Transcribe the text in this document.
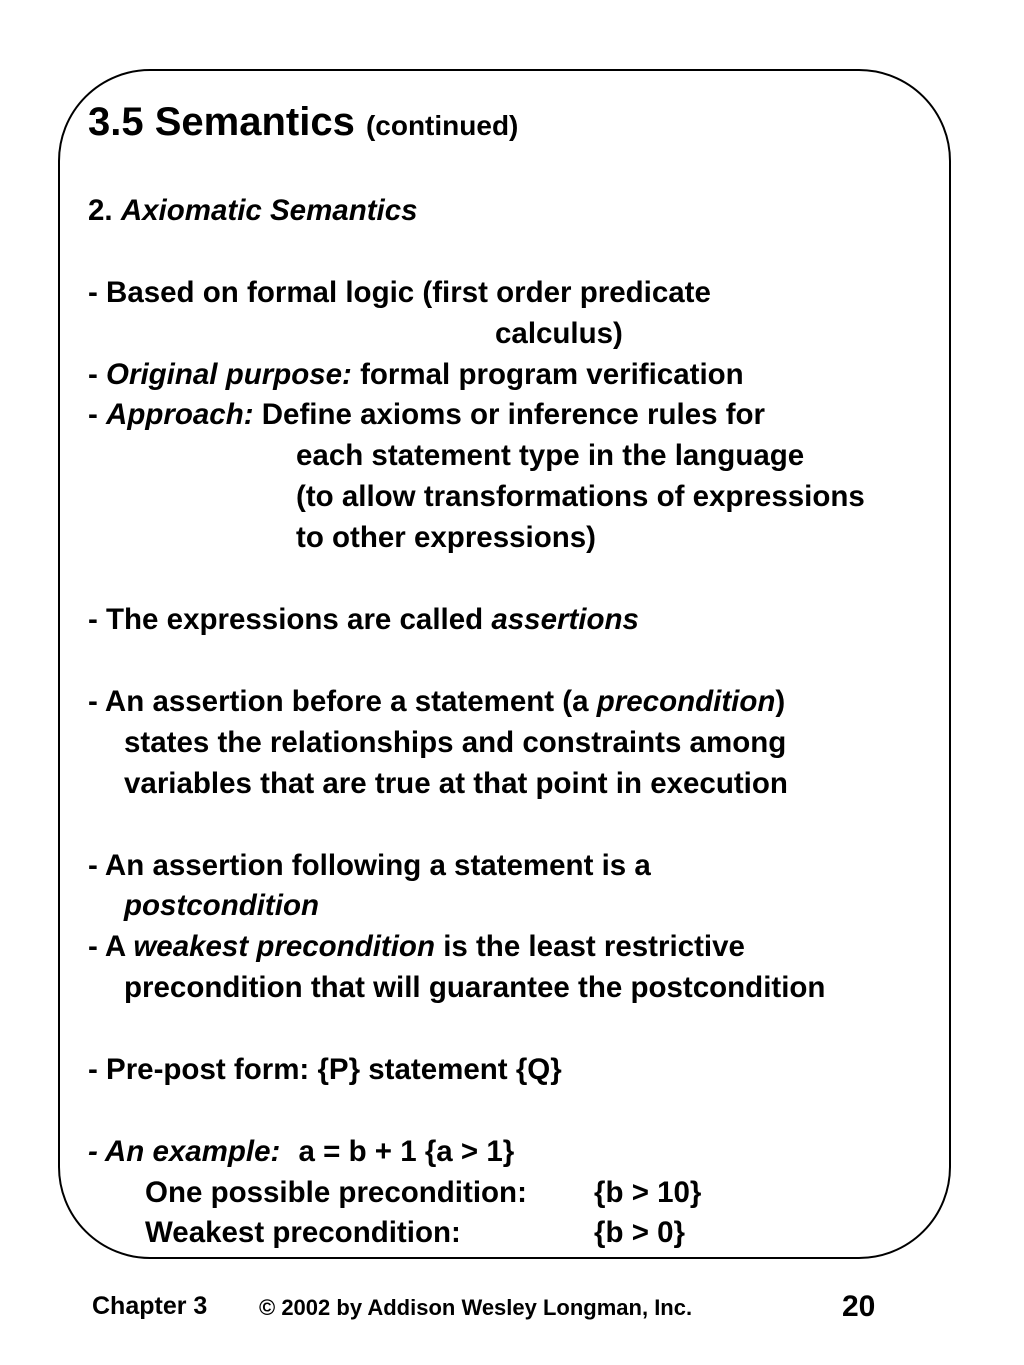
3.5 Semantics (continued)
2. Axiomatic Semantics
- Based on formal logic (first order predicate
calculus)
- Original purpose: formal program verification
- Approach: Define axioms or inference rules for
each statement type in the language
(to allow transformations of expressions
to other expressions)
- The expressions are called assertions
- An assertion before a statement (a precondition)
states the relationships and constraints among
variables that are true at that point in execution
- An assertion following a statement is a
postcondition
- A weakest precondition is the least restrictive
precondition that will guarantee the postcondition
- Pre-post form: {P} statement {Q}
- An example: a = b + 1 {a > 1}
One possible precondition: {b > 10}
Weakest precondition:	{b > 0}
Chapter 3 © 2002 by Addison Wesley Longman, Inc.	20
